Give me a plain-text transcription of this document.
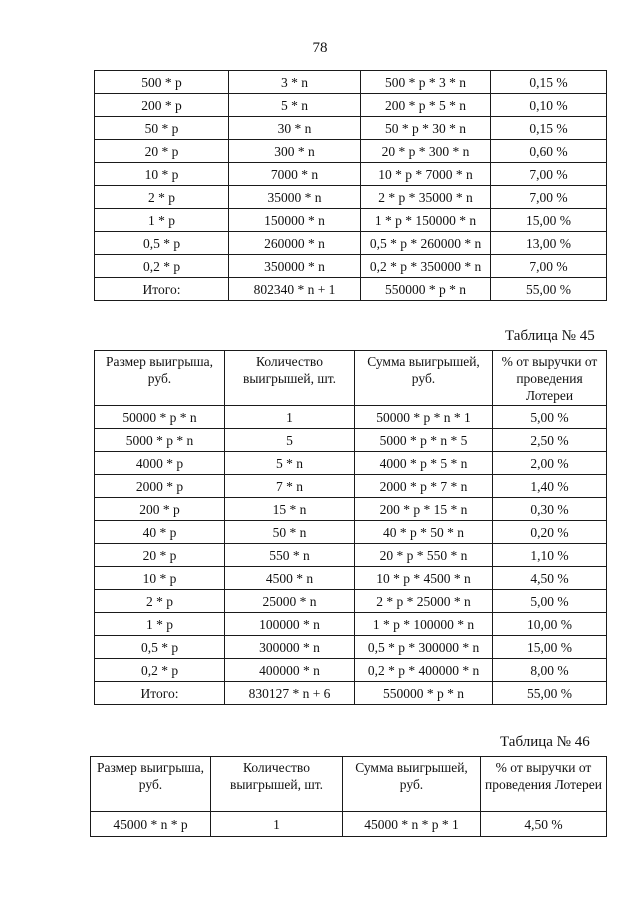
78
500 * p	3 * n	500 * p * 3 * n	0,15 %
200 * p	5 * n	200 * p * 5 * n	0,10 %
50 * p	30 * n	50 * p * 30 * n	0,15 %
20 * p	300 * n	20 * p * 300 * n	0,60 %
10 * p	7000 * n	10 * p * 7000 * n	7,00 %
2 * p	35000 * n	2 * p * 35000 * n	7,00 %
1 * p	150000 * n	1 * p * 150000 * n	15,00 %
0,5 * p	260000 * n	0,5 * p * 260000 * n	13,00 %
0,2 * p	350000 * n	0,2 * p * 350000 * n	7,00 %
Итого:	802340 * n + 1	550000 * p * n	55,00 %
Таблица № 45
Размер выигрыша, руб.	Количество выигрышей, шт.	Сумма выигрышей, руб.	% от выручки от проведения Лотереи
50000 * p * n	1	50000 * p * n * 1	5,00 %
5000 * p * n	5	5000 * p * n * 5	2,50 %
4000 * p	5 * n	4000 * p * 5 * n	2,00 %
2000 * p	7 * n	2000 * p * 7 * n	1,40 %
200 * p	15 * n	200 * p * 15 * n	0,30 %
40 * p	50 * n	40 * p * 50 * n	0,20 %
20 * p	550 * n	20 * p * 550 * n	1,10 %
10 * p	4500 * n	10 * p * 4500 * n	4,50 %
2 * p	25000 * n	2 * p * 25000 * n	5,00 %
1 * p	100000 * n	1 * p * 100000 * n	10,00 %
0,5 * p	300000 * n	0,5 * p * 300000 * n	15,00 %
0,2 * p	400000 * n	0,2 * p * 400000 * n	8,00 %
Итого:	830127 * n + 6	550000 * p * n	55,00 %
Таблица № 46
Размер выигрыша, руб.	Количество выигрышей, шт.	Сумма выигрышей, руб.	% от выручки от проведения Лотереи
45000 * n * p	1	45000 * n * p * 1	4,50 %
